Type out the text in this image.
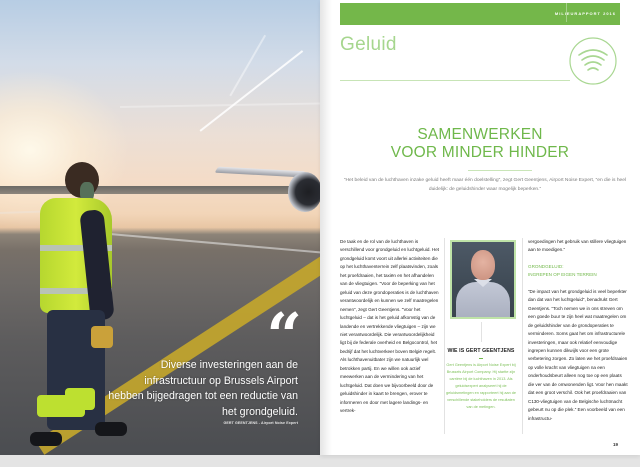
“
Diverse investeringen aan de infrastructuur op Brussels Airport hebben bijgedragen tot een reductie van het grondgeluid.
GERT GEENTJENS - Airport Noise Expert
MILIEURAPPORT 2016
Geluid
SAMENWERKEN
VOOR MINDER HINDER
“Het beleid van de luchthaven inzake geluid heeft maar één doelstelling”, zegt Gert Geentjens, Airport Noise Expert, “en die is heel duidelijk: de geluidshinder waar mogelijk beperken.”

De taak en de rol van de luchthaven is verschillend voor grondgeluid en luchtgeluid. Het grondgeluid komt voort uit allerlei activiteiten die op het luchthaventerrein zelf plaatsvinden, zoals het proefdraaien, het taxiën en het afhandelen van de vliegtuigen. “Voor de beperking van het geluid van deze grondoperaties is de luchthaven verantwoordelijk en kunnen we zelf maatregelen nemen”, zegt Gert Geentjens. “Voor het luchtgeluid – dat is het geluid afkomstig van de landende en vertrekkende vliegtuigen – zijn we niet verantwoordelijk. Die verantwoordelijkheid ligt bij de federale overheid en Belgocontrol, het bedrijf dat het luchtverkeer boven België regelt. Als luchthavenuitbater zijn we natuurlijk wel betrokken partij. En we willen ook actief meewerken aan de vermindering van het luchtgeluid. Dat doen we bijvoorbeeld door de geluidshinder in kaart te brengen, erover te informeren en door met lagere landings- en vertrek-

WIE IS GERT GEENTJENS
Gert Geentjens is Airport Noise Expert bij Brussels Airport Company. Hij startte zijn carrière bij de luchthaven in 2013. Als geluidsexpert analyseert hij de geluidsmetingen en rapporteert hij aan de verschillende stakeholders de resultaten van de metingen.

vergoedingen het gebruik van stillere vliegtuigen aan te moedigen.”

GRONDGELUID:

INGREPEN OP EIGEN TERREIN

“De impact van het grondgeluid is veel beperkter dan dat van het luchtgeluid”, benadrukt Gert Geentjens. “Toch nemen we in ons streven om een goede buur te zijn heel wat maatregelen om de geluidshinder van de grondoperaties te verminderen. Soms gaat het om infrastructurele investeringen, maar ook relatief eenvoudige ingrepen kunnen dikwijls voor een grote verbetering zorgen. Zo laten we het proefdraaien op volle kracht van vliegtuigen na een onderhoudsbeurt alleen nog toe op een plaats die ver van de omwonenden ligt. Voor hen maakt dat een groot verschil. Ook het proefdraaien van C130-vliegtuigen van de Belgische luchtmacht gebeurt nu op die plek.” Een voorbeeld van een infrastructu-

19
